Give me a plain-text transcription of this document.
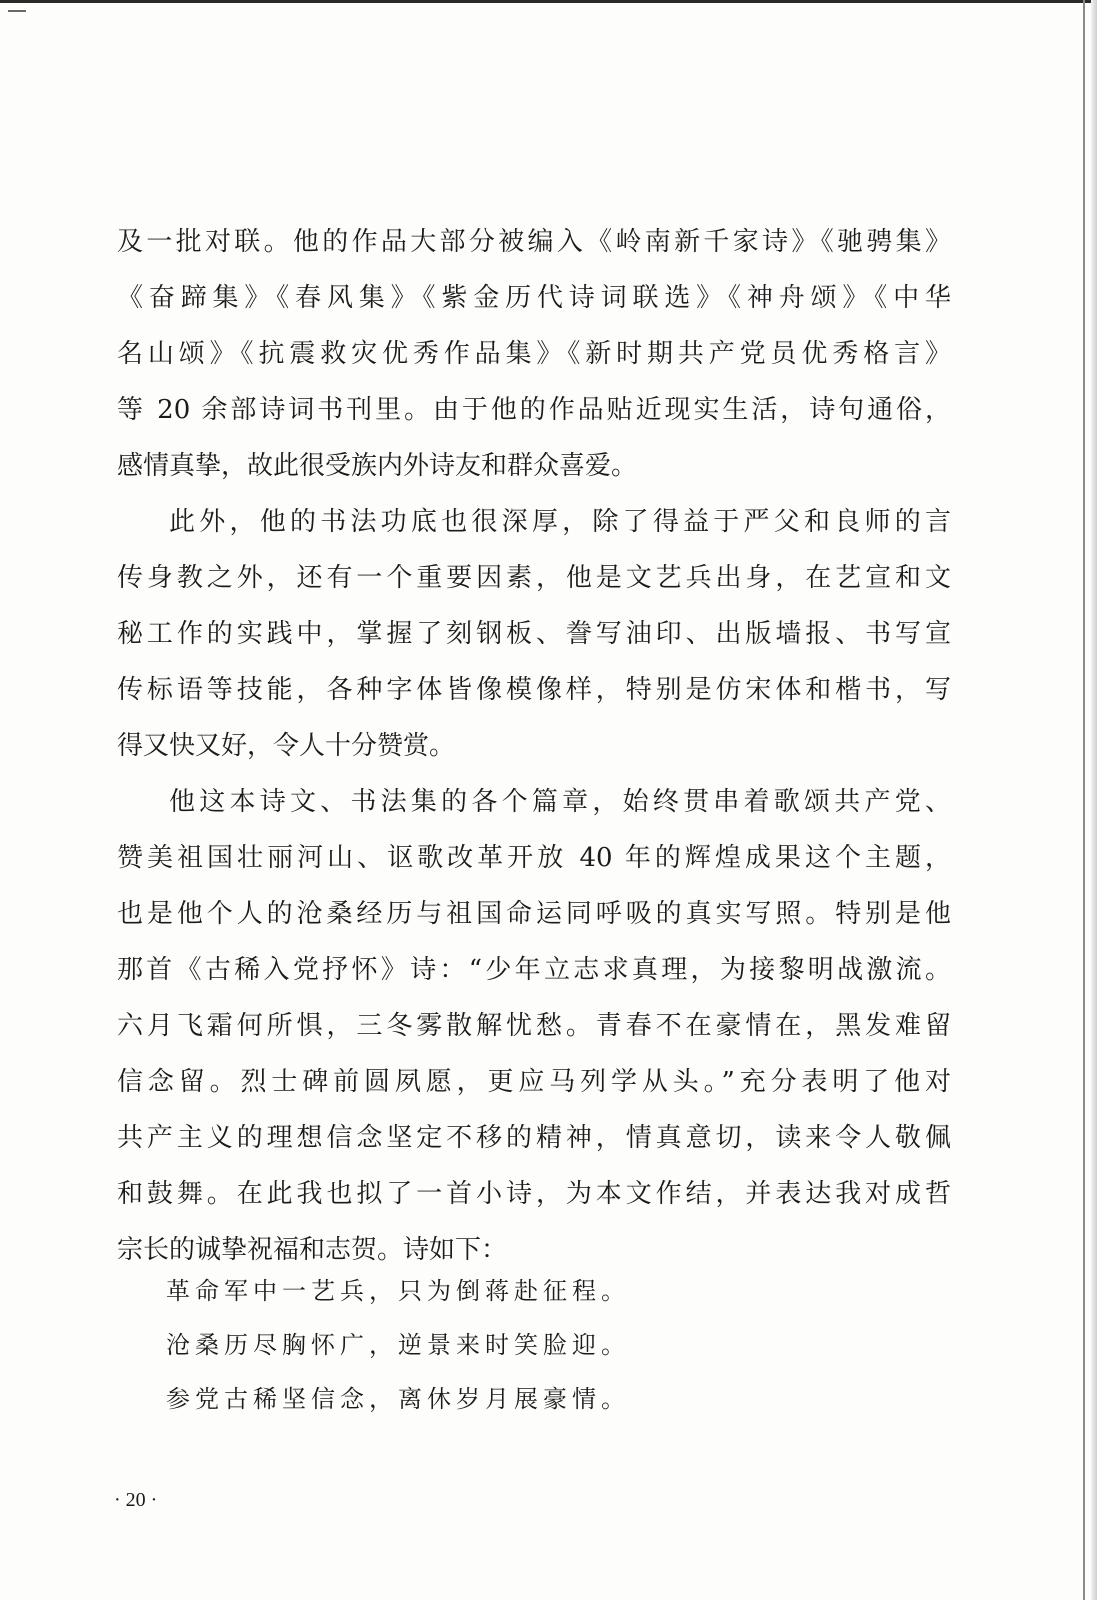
及一批对联。他的作品大部分被编入《岭南新千家诗》《驰骋集》
《奋蹄集》《春风集》《紫金历代诗词联选》《神舟颂》《中华
名山颂》《抗震救灾优秀作品集》《新时期共产党员优秀格言》
等 20 余部诗词书刊里。由于他的作品贴近现实生活，诗句通俗，
感情真挚，故此很受族内外诗友和群众喜爱。
此外，他的书法功底也很深厚，除了得益于严父和良师的言
传身教之外，还有一个重要因素，他是文艺兵出身，在艺宣和文
秘工作的实践中，掌握了刻钢板、誊写油印、出版墙报、书写宣
传标语等技能，各种字体皆像模像样，特别是仿宋体和楷书，写
得又快又好，令人十分赞赏。
他这本诗文、书法集的各个篇章，始终贯串着歌颂共产党、
赞美祖国壮丽河山、讴歌改革开放 40 年的辉煌成果这个主题，
也是他个人的沧桑经历与祖国命运同呼吸的真实写照。特别是他
那首《古稀入党抒怀》诗：“少年立志求真理，为接黎明战激流。
六月飞霜何所惧，三冬雾散解忧愁。青春不在豪情在，黑发难留
信念留。烈士碑前圆夙愿，更应马列学从头。”充分表明了他对
共产主义的理想信念坚定不移的精神，情真意切，读来令人敬佩
和鼓舞。在此我也拟了一首小诗，为本文作结，并表达我对成哲
宗长的诚挚祝福和志贺。诗如下：
革命军中一艺兵，只为倒蒋赴征程。
沧桑历尽胸怀广，逆景来时笑脸迎。
参党古稀坚信念，离休岁月展豪情。
· 20 ·
